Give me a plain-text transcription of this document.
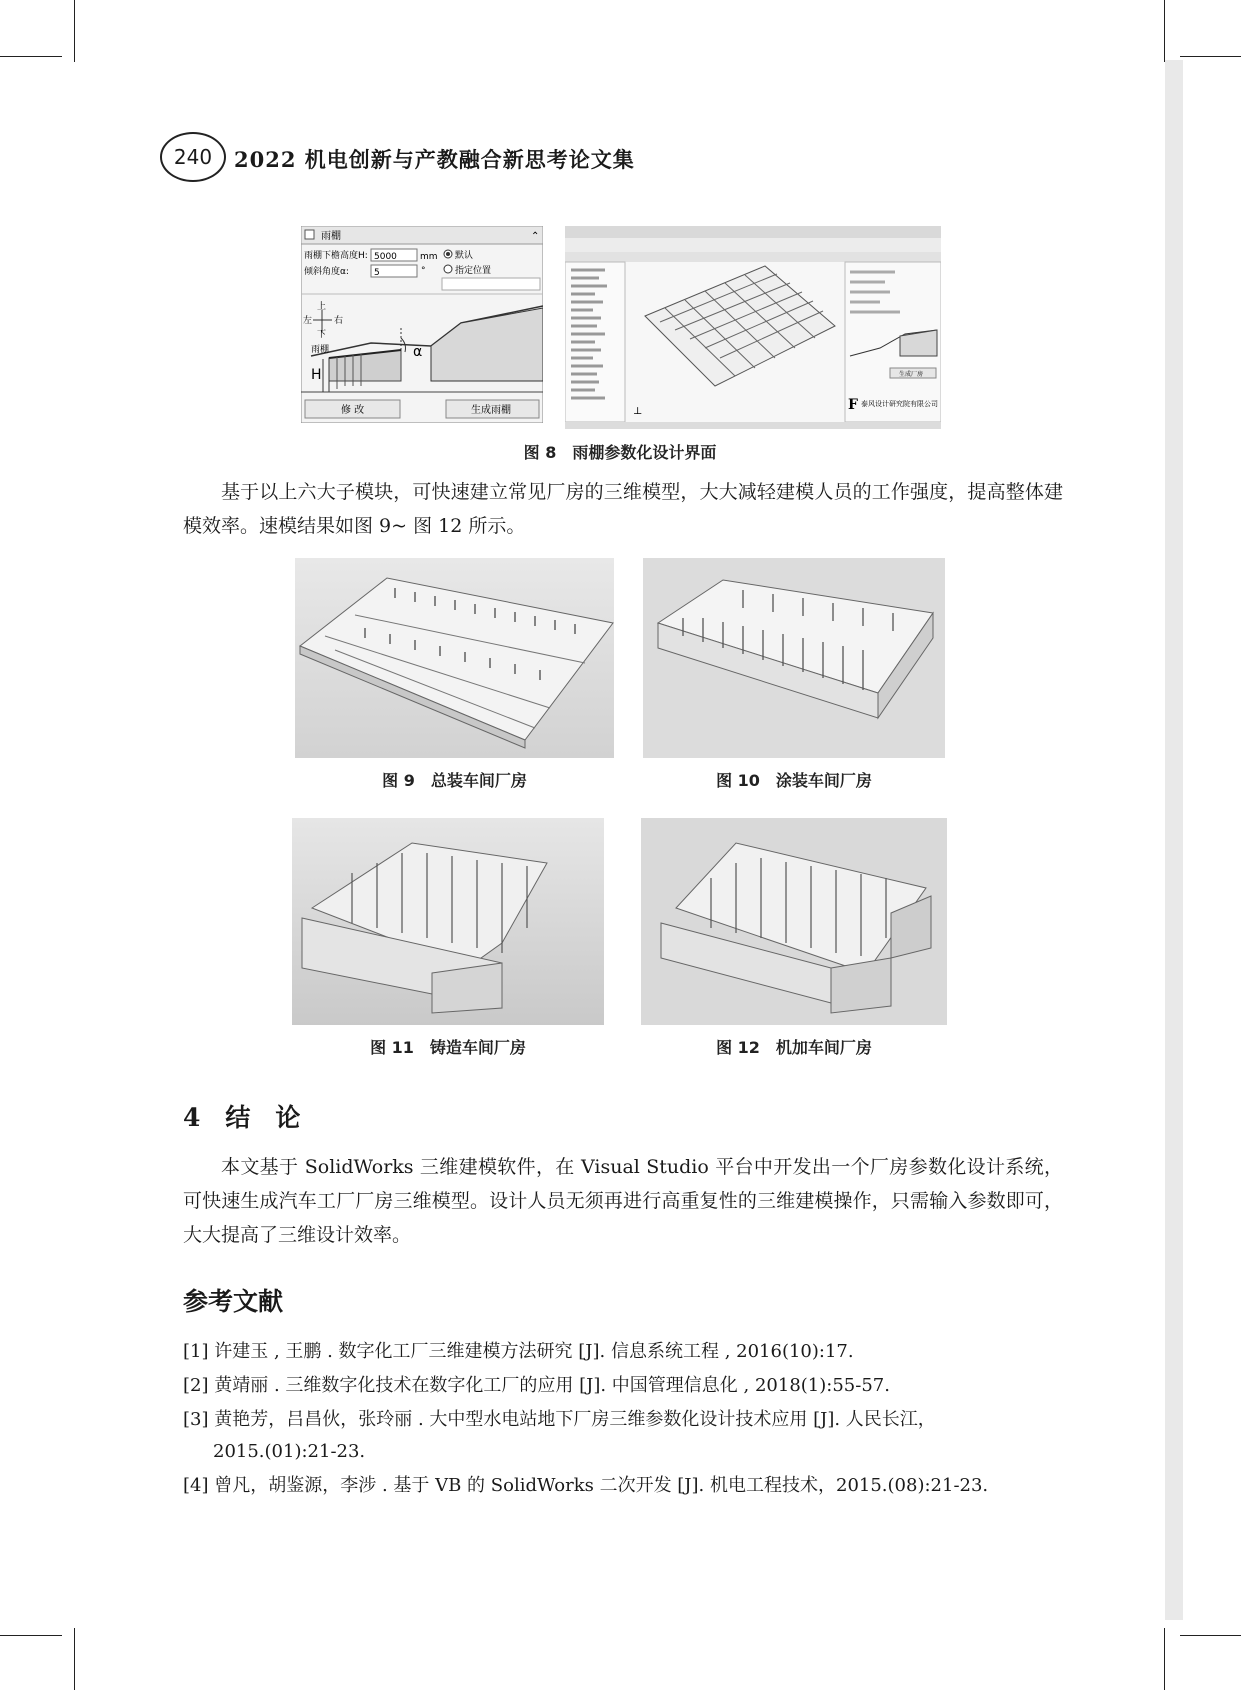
240	2022 机电创新与产教融合新思考论文集
雨棚	⌃
雨棚下檐高度H: 5000	mm
倾斜角度α:	5	°
默认
指定位置
上
左 右
下
雨棚
H
α
修 改	生成雨棚	⊥
生成厂房
F 泰风设计研究院有限公司
图 8　雨棚参数化设计界面
基于以上六大子模块，可快速建立常见厂房的三维模型，大大减轻建模人员的工作强度，提高整体建模效率。速模结果如图 9~ 图 12 所示。
图 9　总装车间厂房	图 10　涂装车间厂房
图 11　铸造车间厂房	图 12　机加车间厂房
4　结　论
本文基于 SolidWorks 三维建模软件，在 Visual Studio 平台中开发出一个厂房参数化设计系统，可快速生成汽车工厂厂房三维模型。设计人员无须再进行高重复性的三维建模操作，只需输入参数即可，大大提高了三维设计效率。
参考文献
[1] 许建玉 , 王鹏 . 数字化工厂三维建模方法研究 [J]. 信息系统工程 , 2016(10):17.
[2] 黄靖丽 . 三维数字化技术在数字化工厂的应用 [J]. 中国管理信息化 , 2018(1):55-57.
[3] 黄艳芳，吕昌伙，张玲丽 . 大中型水电站地下厂房三维参数化设计技术应用 [J]. 人民长江，
2015.(01):21-23.
[4] 曾凡，胡鉴源，李涉 . 基于 VB 的 SolidWorks 二次开发 [J]. 机电工程技术，2015.(08):21-23.
